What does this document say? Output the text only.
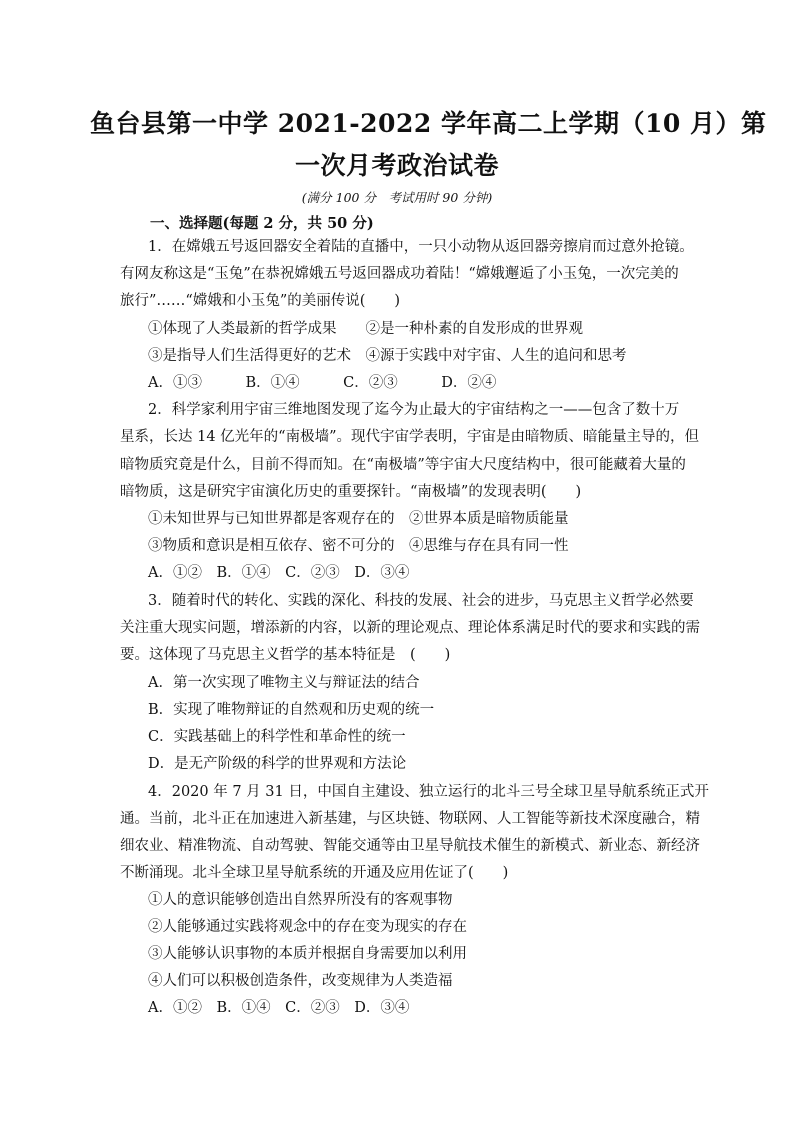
鱼台县第一中学 2021-2022 学年高二上学期（10 月）第
一次月考政治试卷
(满分 100 分　考试用时 90 分钟)
一、选择题(每题 2 分，共 50 分)
1．在嫦娥五号返回器安全着陆的直播中，一只小动物从返回器旁擦肩而过意外抢镜。
有网友称这是“玉兔”在恭祝嫦娥五号返回器成功着陆！“嫦娥邂逅了小玉兔，一次完美的
旅行”……“嫦娥和小玉兔”的美丽传说(　　)
①体现了人类最新的哲学成果　　②是一种朴素的自发形成的世界观
③是指导人们生活得更好的艺术　④源于实践中对宇宙、人生的追问和思考
A．①③　　　B．①④　　　C．②③　　　D．②④
2．科学家利用宇宙三维地图发现了迄今为止最大的宇宙结构之一——包含了数十万
星系，长达 14 亿光年的“南极墙”。现代宇宙学表明，宇宙是由暗物质、暗能量主导的，但
暗物质究竟是什么，目前不得而知。在“南极墙”等宇宙大尺度结构中，很可能藏着大量的
暗物质，这是研究宇宙演化历史的重要探针。“南极墙”的发现表明(　　)
①未知世界与已知世界都是客观存在的　②世界本质是暗物质能量
③物质和意识是相互依存、密不可分的　④思维与存在具有同一性
A．①②　B．①④　C．②③　D．③④
3．随着时代的转化、实践的深化、科技的发展、社会的进步，马克思主义哲学必然要
关注重大现实问题，增添新的内容，以新的理论观点、理论体系满足时代的要求和实践的需
要。这体现了马克思主义哲学的基本特征是　(　　)
A．第一次实现了唯物主义与辩证法的结合
B．实现了唯物辩证的自然观和历史观的统一
C．实践基础上的科学性和革命性的统一
D．是无产阶级的科学的世界观和方法论
4．2020 年 7 月 31 日，中国自主建设、独立运行的北斗三号全球卫星导航系统正式开
通。当前，北斗正在加速进入新基建，与区块链、物联网、人工智能等新技术深度融合，精
细农业、精准物流、自动驾驶、智能交通等由卫星导航技术催生的新模式、新业态、新经济
不断涌现。北斗全球卫星导航系统的开通及应用佐证了(　　)
①人的意识能够创造出自然界所没有的客观事物
②人能够通过实践将观念中的存在变为现实的存在
③人能够认识事物的本质并根据自身需要加以利用
④人们可以积极创造条件，改变规律为人类造福
A．①②　B．①④　C．②③　D．③④
